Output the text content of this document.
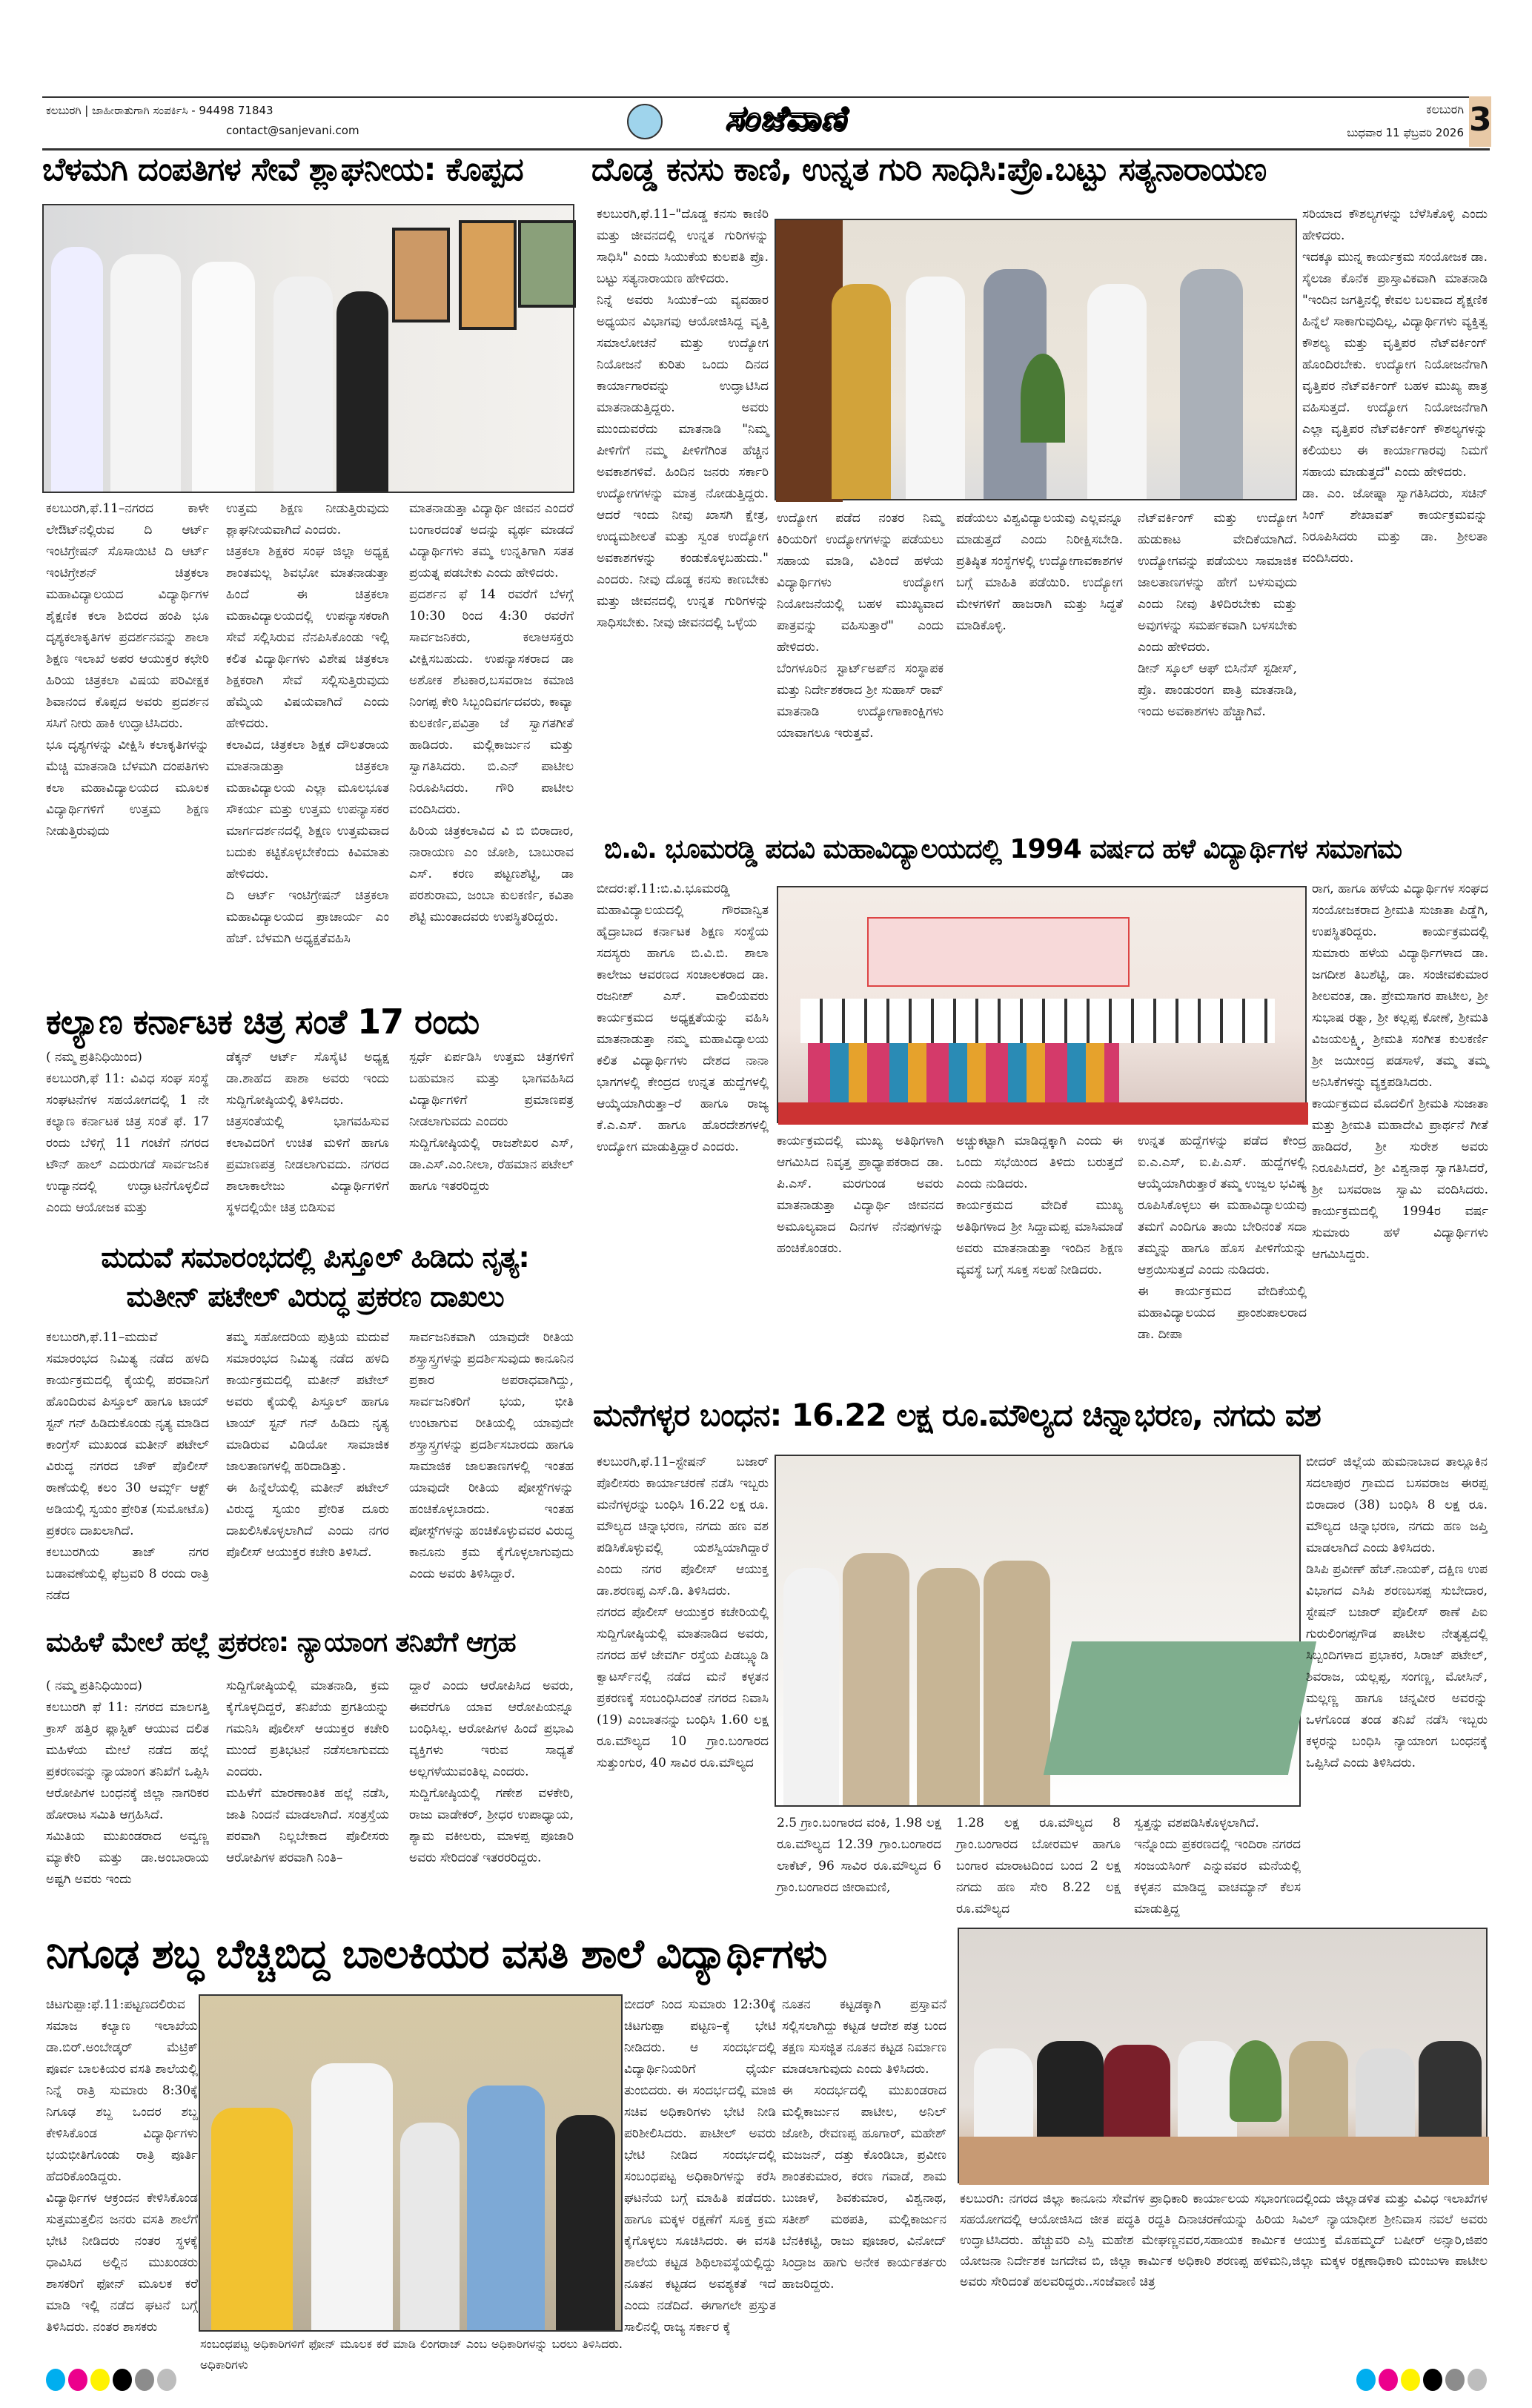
ಕಲಬುರಗಿ | ಜಾಹೀರಾತುಗಾಗಿ ಸಂಪರ್ಕಿಸಿ - 94498 71843
contact@sanjevani.com	ಸಂಜೆವಾಣಿ	ಕಲಬುರಗಿ
ಬುಧವಾರ 11 ಫೆಬ್ರವರಿ 2026 3
ಬೆಳಮಗಿ ದಂಪತಿಗಳ ಸೇವೆ ಶ್ಲಾಘನೀಯ: ಕೊಪ್ಪದ
ಕಲಬುರಗಿ,ಫೆ.11–ನಗರದ ಕಾಳೇ ಲೇಔಟ್‌ನಲ್ಲಿರುವ ದಿ ಆರ್ಟ್ ಇಂಟಿಗ್ರೇಷನ್ ಸೊಸಾಯಿಟಿ ದಿ ಆರ್ಟ್ ಇಂಟಿಗ್ರೇಶನ್ ಚಿತ್ರಕಲಾ ಮಹಾವಿದ್ಯಾಲಯದ ವಿದ್ಯಾರ್ಥಿಗಳ ಶೈಕ್ಷಣಿಕ ಕಲಾ ಶಿಬಿರದ ಹಂಪಿ ಭೂ ದೃಶ್ಯಕಲಾಕೃತಿಗಳ ಪ್ರದರ್ಶನವನ್ನು ಶಾಲಾ ಶಿಕ್ಷಣ ಇಲಾಖೆ ಅಪರ ಆಯುಕ್ತರ ಕಛೇರಿ ಹಿರಿಯ ಚಿತ್ರಕಲಾ ವಿಷಯ ಪರಿವೀಕ್ಷಕ ಶಿವಾನಂದ ಕೊಪ್ಪದ ಅವರು ಪ್ರದರ್ಶನ ಸಸಿಗೆ ನೀರು ಹಾಕಿ ಉದ್ಘಾಟಿಸಿದರು.
ಭೂ ದೃಶ್ಯಗಳನ್ನು ವೀಕ್ಷಿಸಿ ಕಲಾಕೃತಿಗಳನ್ನು ಮೆಚ್ಚಿ ಮಾತನಾಡಿ ಬೆಳಮಗಿ ದಂಪತಿಗಳು ಕಲಾ ಮಹಾವಿದ್ಯಾಲಯದ ಮೂಲಕ ವಿದ್ಯಾರ್ಥಿಗಳಿಗೆ ಉತ್ತಮ ಶಿಕ್ಷಣ ನೀಡುತ್ತಿರುವುದು
ಉತ್ತಮ ಶಿಕ್ಷಣ ನೀಡುತ್ತಿರುವುದು ಶ್ಲಾಘನೀಯವಾಗಿದೆ ಎಂದರು.
ಚಿತ್ರಕಲಾ ಶಿಕ್ಷಕರ ಸಂಘ ಜಿಲ್ಲಾ ಅಧ್ಯಕ್ಷ ಶಾಂತಮಲ್ಲ ಶಿವಭೋ ಮಾತನಾಡುತ್ತಾ ಹಿಂದೆ ಈ ಚಿತ್ರಕಲಾ ಮಹಾವಿದ್ಯಾಲಯದಲ್ಲಿ ಉಪನ್ಯಾಸಕರಾಗಿ ಸೇವೆ ಸಲ್ಲಿಸಿರುವ ನೆನಪಿಸಿಕೊಂಡು ಇಲ್ಲಿ ಕಲಿತ ವಿದ್ಯಾರ್ಥಿಗಳು ವಿಶೇಷ ಚಿತ್ರಕಲಾ ಶಿಕ್ಷಕರಾಗಿ ಸೇವೆ ಸಲ್ಲಿಸುತ್ತಿರುವುದು ಹೆಮ್ಮೆಯ ವಿಷಯವಾಗಿದೆ ಎಂದು ಹೇಳಿದರು.
ಕಲಾವಿದ, ಚಿತ್ರಕಲಾ ಶಿಕ್ಷಕ ದೌಲತರಾಯ ಮಾತನಾಡುತ್ತಾ ಚಿತ್ರಕಲಾ ಮಹಾವಿದ್ಯಾಲಯ ಎಲ್ಲಾ ಮೂಲಭೂತ ಸೌಕರ್ಯ ಮತ್ತು ಉತ್ತಮ ಉಪನ್ಯಾಸಕರ ಮಾರ್ಗದರ್ಶನದಲ್ಲಿ ಶಿಕ್ಷಣ ಉತ್ತಮವಾದ ಬದುಕು ಕಟ್ಟಿಕೊಳ್ಳಬೇಕೆಂದು ಕಿವಿಮಾತು ಹೇಳಿದರು.
ದಿ ಆರ್ಟ್ ಇಂಟಿಗ್ರೇಷನ್ ಚಿತ್ರಕಲಾ ಮಹಾವಿದ್ಯಾಲಯದ ಪ್ರಾಚಾರ್ಯ ಎಂ ಹೆಚ್. ಬೆಳಮಗಿ ಅಧ್ಯಕ್ಷತೆವಹಿಸಿ
ಮಾತನಾಡುತ್ತಾ ವಿದ್ಯಾರ್ಥಿ ಜೀವನ ಎಂದರೆ ಬಂಗಾರದಂತೆ ಅದನ್ನು ವ್ಯರ್ಥ ಮಾಡದೆ ವಿದ್ಯಾರ್ಥಿಗಳು ತಮ್ಮ ಉನ್ನತಿಗಾಗಿ ಸತತ ಪ್ರಯತ್ನ ಪಡಬೇಕು ಎಂದು ಹೇಳಿದರು.
ಪ್ರದರ್ಶನ ಫೆ 14 ರವರೆಗೆ ಬೆಳಗ್ಗೆ 10:30 ರಿಂದ 4:30 ರವರೆಗೆ ಸಾರ್ವಜನಿಕರು, ಕಲಾಆಸಕ್ತರು ವೀಕ್ಷಿಸಬಹುದು. ಉಪನ್ಯಾಸಕರಾದ ಡಾ ಅಶೋಕ ಶೆಟಕಾರ,ಬಸವರಾಜ ಕಮಾಜಿ ನಿಂಗಪ್ಪ ಕೇರಿ ಸಿಬ್ಬಂದಿವರ್ಗದವರು, ಕಾವ್ಯಾ ಕುಲಕರ್ಣಿ,ಪವಿತ್ರಾ ಜೆ ಸ್ವಾಗತಗೀತೆ ಹಾಡಿದರು. ಮಲ್ಲಿಕಾರ್ಜುನ ಮತ್ತು ಸ್ವಾಗತಿಸಿದರು. ಬಿ.ಎನ್ ಪಾಟೀಲ ನಿರೂಪಿಸಿದರು. ಗೌರಿ ಪಾಟೀಲ ವಂದಿಸಿದರು.
ಹಿರಿಯ ಚಿತ್ರಕಲಾವಿದ ವಿ ಬಿ ಬಿರಾದಾರ, ನಾರಾಯಣ ಎಂ ಜೋಶಿ, ಬಾಬುರಾವ ಎಸ್. ಕರಣ ಪಟ್ಟಣಶೆಟ್ಟಿ, ಡಾ ಪರಶುರಾಮ, ಜಂಬಾ ಕುಲಕರ್ಣಿ, ಕವಿತಾ ಶೆಟ್ಟಿ ಮುಂತಾದವರು ಉಪಸ್ಥಿತರಿದ್ದರು.
ದೊಡ್ಡ ಕನಸು ಕಾಣಿ, ಉನ್ನತ ಗುರಿ ಸಾಧಿಸಿ:ಪ್ರೊ.ಬಟ್ಟು ಸತ್ಯನಾರಾಯಣ
ಕಲಬುರಗಿ,ಫೆ.11–"ದೊಡ್ಡ ಕನಸು ಕಾಣಿರಿ ಮತ್ತು ಜೀವನದಲ್ಲಿ ಉನ್ನತ ಗುರಿಗಳನ್ನು ಸಾಧಿಸಿ" ಎಂದು ಸಿಯುಕೆಯ ಕುಲಪತಿ ಪ್ರೊ. ಬಟ್ಟು ಸತ್ಯನಾರಾಯಣ ಹೇಳಿದರು.
ನಿನ್ನೆ ಅವರು ಸಿಯುಕೆ–ಯ ವ್ಯವಹಾರ ಅಧ್ಯಯನ ವಿಭಾಗವು ಆಯೋಜಿಸಿದ್ದ ವೃತ್ತಿ ಸಮಾಲೋಚನೆ ಮತ್ತು ಉದ್ಯೋಗ ನಿಯೋಜನೆ ಕುರಿತು ಒಂದು ದಿನದ ಕಾರ್ಯಾಗಾರವನ್ನು ಉದ್ಘಾಟಿಸಿದ ಮಾತನಾಡುತ್ತಿದ್ದರು. ಅವರು ಮುಂದುವರೆದು ಮಾತನಾಡಿ "ನಿಮ್ಮ ಪೀಳಿಗೆಗೆ ನಮ್ಮ ಪೀಳಿಗೆಗಿಂತ ಹೆಚ್ಚಿನ ಅವಕಾಶಗಳಿವೆ. ಹಿಂದಿನ ಜನರು ಸರ್ಕಾರಿ ಉದ್ಯೋಗಗಳನ್ನು ಮಾತ್ರ ನೋಡುತ್ತಿದ್ದರು. ಆದರೆ ಇಂದು ನೀವು ಖಾಸಗಿ ಕ್ಷೇತ್ರ, ಉದ್ಯಮಶೀಲತೆ ಮತ್ತು ಸ್ವಂತ ಉದ್ಯೋಗ ಅವಕಾಶಗಳನ್ನು ಕಂಡುಕೊಳ್ಳಬಹುದು." ಎಂದರು. ನೀವು ದೊಡ್ಡ ಕನಸು ಕಾಣಬೇಕು ಮತ್ತು ಜೀವನದಲ್ಲಿ ಉನ್ನತ ಗುರಿಗಳನ್ನು ಸಾಧಿಸಬೇಕು. ನೀವು ಜೀವನದಲ್ಲಿ ಒಳ್ಳೆಯ
ಸರಿಯಾದ ಕೌಶಲ್ಯಗಳನ್ನು ಬೆಳೆಸಿಕೊಳ್ಳಿ ಎಂದು ಹೇಳಿದರು.
ಇದಕ್ಕೂ ಮುನ್ನ ಕಾರ್ಯಕ್ರಮ ಸಂಯೋಜಕ ಡಾ. ಸೈಲಜಾ ಕೊನೆಕ ಪ್ರಾಸ್ತಾವಿಕವಾಗಿ ಮಾತನಾಡಿ "ಇಂದಿನ ಜಗತ್ತಿನಲ್ಲಿ ಕೇವಲ ಬಲವಾದ ಶೈಕ್ಷಣಿಕ ಹಿನ್ನೆಲೆ ಸಾಕಾಗುವುದಿಲ್ಲ, ವಿದ್ಯಾರ್ಥಿಗಳು ವ್ಯಕ್ತಿತ್ವ ಕೌಶಲ್ಯ ಮತ್ತು ವೃತ್ತಿಪರ ನೆಟ್‌ವರ್ಕಿಂಗ್ ಹೊಂದಿರಬೇಕು. ಉದ್ಯೋಗ ನಿಯೋಜನೆಗಾಗಿ ವೃತ್ತಿಪರ ನೆಟ್‌ವರ್ಕಿಂಗ್ ಬಹಳ ಮುಖ್ಯ ಪಾತ್ರ ವಹಿಸುತ್ತದೆ. ಉದ್ಯೋಗ ನಿಯೋಜನೆಗಾಗಿ ಎಲ್ಲಾ ವೃತ್ತಿಪರ ನೆಟ್‌ವರ್ಕಿಂಗ್ ಕೌಶಲ್ಯಗಳನ್ನು ಕಲಿಯಲು ಈ ಕಾರ್ಯಾಗಾರವು ನಿಮಗೆ ಸಹಾಯ ಮಾಡುತ್ತದೆ" ಎಂದು ಹೇಳಿದರು.
ಡಾ. ಎಂ. ಜೋಷ್ನಾ ಸ್ವಾಗತಿಸಿದರು, ಸಚಿನ್ ಸಿಂಗ್ ಶೇಖಾವತ್ ಕಾರ್ಯಕ್ರಮವನ್ನು ನಿರೂಪಿಸಿದರು ಮತ್ತು ಡಾ. ಶ್ರೀಲತಾ ವಂದಿಸಿದರು.
ಉದ್ಯೋಗ ಪಡೆದ ನಂತರ ನಿಮ್ಮ ಕಿರಿಯರಿಗೆ ಉದ್ಯೋಗಗಳನ್ನು ಪಡೆಯಲು ಸಹಾಯ ಮಾಡಿ, ವಿಶಿಂದೆ ಹಳೆಯ ವಿದ್ಯಾರ್ಥಿಗಳು ಉದ್ಯೋಗ ನಿಯೋಜನೆಯಲ್ಲಿ ಬಹಳ ಮುಖ್ಯವಾದ ಪಾತ್ರವನ್ನು ವಹಿಸುತ್ತಾರೆ" ಎಂದು ಹೇಳಿದರು.
ಬೆಂಗಳೂರಿನ ಸ್ಟಾರ್ಟ್‌ಅಪ್‌ನ ಸಂಸ್ಥಾಪಕ ಮತ್ತು ನಿರ್ದೇಶಕರಾದ ಶ್ರೀ ಸುಹಾಸ್ ರಾವ್ ಮಾತನಾಡಿ ಉದ್ಯೋಗಾಕಾಂಕ್ಷಿಗಳು ಯಾವಾಗಲೂ ಇರುತ್ತವೆ.
ಪಡೆಯಲು ವಿಶ್ವವಿದ್ಯಾಲಯವು ಎಲ್ಲವನ್ನೂ ಮಾಡುತ್ತದೆ ಎಂದು ನಿರೀಕ್ಷಿಸಬೇಡಿ. ಪ್ರತಿಷ್ಠಿತ ಸಂಸ್ಥೆಗಳಲ್ಲಿ ಉದ್ಯೋಗಾವಕಾಶಗಳ ಬಗ್ಗೆ ಮಾಹಿತಿ ಪಡೆಯಿರಿ. ಉದ್ಯೋಗ ಮೇಳಗಳಿಗೆ ಹಾಜರಾಗಿ ಮತ್ತು ಸಿದ್ಧತೆ ಮಾಡಿಕೊಳ್ಳಿ.
ನೆಟ್‌ವರ್ಕಿಂಗ್ ಮತ್ತು ಉದ್ಯೋಗ ಹುಡುಕಾಟ ವೇದಿಕೆಯಾಗಿದೆ. ಉದ್ಯೋಗವನ್ನು ಪಡೆಯಲು ಸಾಮಾಜಿಕ ಜಾಲತಾಣಗಳನ್ನು ಹೇಗೆ ಬಳಸುವುದು ಎಂದು ನೀವು ತಿಳಿದಿರಬೇಕು ಮತ್ತು ಅವುಗಳನ್ನು ಸಮರ್ಪಕವಾಗಿ ಬಳಸಬೇಕು ಎಂದು ಹೇಳಿದರು.
ಡೀನ್ ಸ್ಕೂಲ್ ಆಫ್ ಬಿಸಿನೆಸ್ ಸ್ಟಡೀಸ್, ಪ್ರೊ. ಪಾಂಡುರಂಗ ಪಾತ್ರಿ ಮಾತನಾಡಿ, ಇಂದು ಅವಕಾಶಗಳು ಹೆಚ್ಚಾಗಿವೆ.
ಬಿ.ವಿ. ಭೂಮರಡ್ಡಿ ಪದವಿ ಮಹಾವಿದ್ಯಾಲಯದಲ್ಲಿ 1994 ವರ್ಷದ ಹಳೆ ವಿದ್ಯಾರ್ಥಿಗಳ ಸಮಾಗಮ
ಬೀದರ:ಫೆ.11:ಬಿ.ವಿ.ಭೂಮರಡ್ಡಿ ಮಹಾವಿದ್ಯಾಲಯದಲ್ಲಿ ಗೌರವಾನ್ವಿತ ಹೈದ್ರಾಬಾದ ಕರ್ನಾಟಕ ಶಿಕ್ಷಣ ಸಂಸ್ಥೆಯ ಸದಸ್ಯರು ಹಾಗೂ ಬಿ.ವಿ.ಬಿ. ಶಾಲಾ ಕಾಲೇಜು ಆವರಣದ ಸಂಚಾಲಕರಾದ ಡಾ. ರಜನೀಶ್ ಎಸ್. ವಾಲಿಯವರು ಕಾರ್ಯಕ್ರಮದ ಅಧ್ಯಕ್ಷತೆಯನ್ನು ವಹಿಸಿ ಮಾತನಾಡುತ್ತಾ ನಮ್ಮ ಮಹಾವಿದ್ಯಾಲಯ ಕಲಿತ ವಿದ್ಯಾರ್ಥಿಗಳು ದೇಶದ ನಾನಾ ಭಾಗಗಳಲ್ಲಿ ಕೇಂದ್ರದ ಉನ್ನತ ಹುದ್ದೆಗಳಲ್ಲಿ ಆಯ್ಕೆಯಾಗಿರುತ್ತಾ–ರೆ ಹಾಗೂ ರಾಜ್ಯ ಕೆ.ಎ.ಎಸ್. ಹಾಗೂ ಹೊರದೇಶಗಳಲ್ಲಿ ಉದ್ಯೋಗ ಮಾಡುತ್ತಿದ್ದಾರೆ ಎಂದರು.
ರಾಗ, ಹಾಗೂ ಹಳೆಯ ವಿದ್ಯಾರ್ಥಿಗಳ ಸಂಘದ ಸಂಯೋಜಕರಾದ ಶ್ರೀಮತಿ ಸುಜಾತಾ ಪಿಡ್ಡೆಗಿ, ಉಪಸ್ಥಿತರಿದ್ದರು. ಕಾರ್ಯಕ್ರಮದಲ್ಲಿ ಸುಮಾರು ಹಳೆಯ ವಿದ್ಯಾರ್ಥಿಗಳಾದ ಡಾ. ಜಗದೀಶ ತಿಬಶೆಟ್ಟಿ, ಡಾ. ಸಂಜೀವಕುಮಾರ ಶೀಲವಂತ, ಡಾ. ಪ್ರೇಮಸಾಗರ ಪಾಟೀಲ, ಶ್ರೀ ಸುಭಾಷ ರತ್ನಾ, ಶ್ರೀ ಕಲ್ಲಪ್ಪ ಕೋಣೆ, ಶ್ರೀಮತಿ ವಿಜಯಲಕ್ಷ್ಮಿ, ಶ್ರೀಮತಿ ಸಂಗೀತ ಕುಲಕರ್ಣಿ ಶ್ರೀ ಜಯೀಂದ್ರ ಪಡಸಾಳೆ, ತಮ್ಮ ತಮ್ಮ ಅನಿಸಿಕೆಗಳನ್ನು ವ್ಯಕ್ತಪಡಿಸಿದರು.
ಕಾರ್ಯಕ್ರಮದ ಮೊದಲಿಗೆ ಶ್ರೀಮತಿ ಸುಜಾತಾ ಮತ್ತು ಶ್ರೀಮತಿ ಮಹಾದೇವಿ ಪ್ರಾರ್ಥನೆ ಗೀತೆ ಹಾಡಿದರೆ, ಶ್ರೀ ಸುರೇಶ ಅವರು ನಿರೂಪಿಸಿದರೆ, ಶ್ರೀ ವಿಶ್ವನಾಥ ಸ್ವಾಗತಿಸಿದರೆ, ಶ್ರೀ ಬಸವರಾಜ ಸ್ವಾಮಿ ವಂದಿಸಿದರು. ಕಾರ್ಯಕ್ರಮದಲ್ಲಿ 1994ರ ವರ್ಷ ಸುಮಾರು ಹಳೆ ವಿದ್ಯಾರ್ಥಿಗಳು ಆಗಮಿಸಿದ್ದರು.
ಕಾರ್ಯಕ್ರಮದಲ್ಲಿ ಮುಖ್ಯ ಅತಿಥಿಗಳಾಗಿ ಆಗಮಿಸಿದ ನಿವೃತ್ತ ಪ್ರಾಧ್ಯಾಪಕರಾದ ಡಾ. ಪಿ.ಎಸ್. ಮರಗುಂಡ ಅವರು ಮಾತನಾಡುತ್ತಾ ವಿದ್ಯಾರ್ಥಿ ಜೀವನದ ಅಮೂಲ್ಯವಾದ ದಿನಗಳ ನೆನಪುಗಳನ್ನು ಹಂಚಿಕೊಂಡರು.
ಅಚ್ಚುಕಟ್ಟಾಗಿ ಮಾಡಿದ್ದಕ್ಕಾಗಿ ಎಂದು ಈ ಒಂದು ಸಭೆಯಿಂದ ತಿಳಿದು ಬರುತ್ತದೆ ಎಂದು ನುಡಿದರು.
ಕಾರ್ಯಕ್ರಮದ ವೇದಿಕೆ ಮುಖ್ಯ ಅತಿಥಿಗಳಾದ ಶ್ರೀ ಸಿದ್ದಾಮಪ್ಪ ಮಾಸಿಮಾಡೆ ಅವರು ಮಾತನಾಡುತ್ತಾ ಇಂದಿನ ಶಿಕ್ಷಣ ವ್ಯವಸ್ಥೆ ಬಗ್ಗೆ ಸೂಕ್ತ ಸಲಹೆ ನೀಡಿದರು.
ಉನ್ನತ ಹುದ್ದೆಗಳನ್ನು ಪಡೆದ ಕೇಂದ್ರ ಐ.ಎ.ಎಸ್, ಐ.ಪಿ.ಎಸ್. ಹುದ್ದೆಗಳಲ್ಲಿ ಆಯ್ಕೆಯಾಗಿರುತ್ತಾರೆ ತಮ್ಮ ಉಜ್ವಲ ಭವಿಷ್ಯ ರೂಪಿಸಿಕೊಳ್ಳಲು ಈ ಮಹಾವಿದ್ಯಾಲಯವು ತಮಗೆ ಎಂದಿಗೂ ತಾಯಿ ಬೇರಿನಂತೆ ಸದಾ ತಮ್ಮನ್ನು ಹಾಗೂ ಹೊಸ ಪೀಳಿಗೆಯನ್ನು ಆಶ್ರಯಿಸುತ್ತದೆ ಎಂದು ನುಡಿದರು.
ಈ ಕಾರ್ಯಕ್ರಮದ ವೇದಿಕೆಯಲ್ಲಿ ಮಹಾವಿದ್ಯಾಲಯದ ಪ್ರಾಂಶುಪಾಲರಾದ ಡಾ. ದೀಪಾ
ಕಲ್ಯಾಣ ಕರ್ನಾಟಕ ಚಿತ್ರ ಸಂತೆ 17 ರಂದು
( ನಮ್ಮ ಪ್ರತಿನಿಧಿಯಿಂದ)
ಕಲಬುರಗಿ,ಫೆ 11: ವಿವಿಧ ಸಂಘ ಸಂಸ್ಥೆ ಸಂಘಟನೆಗಳ ಸಹಯೋಗದಲ್ಲಿ 1 ನೇ ಕಲ್ಯಾಣ ಕರ್ನಾಟಕ ಚಿತ್ರ ಸಂತೆ ಫೆ. 17 ರಂದು ಬೆಳಿಗ್ಗೆ 11 ಗಂಟೆಗೆ ನಗರದ ಟೌನ್ ಹಾಲ್ ಎದುರುಗಡೆ ಸಾರ್ವಜನಿಕ ಉದ್ಯಾನದಲ್ಲಿ ಉದ್ಘಾಟನೆಗೊಳ್ಳಲಿದೆ ಎಂದು ಆಯೋಜಕ ಮತ್ತು
ಡೆಕ್ಕನ್ ಆರ್ಟ್ ಸೊಸೈಟಿ ಅಧ್ಯಕ್ಷ ಡಾ.ಶಾಹೆದ ಪಾಶಾ ಅವರು ಇಂದು ಸುದ್ದಿಗೋಷ್ಠಿಯಲ್ಲಿ ತಿಳಿಸಿದರು.
ಚಿತ್ರಸಂತೆಯಲ್ಲಿ ಭಾಗವಹಿಸುವ ಕಲಾವಿದರಿಗೆ ಉಚಿತ ಮಳಿಗೆ ಹಾಗೂ ಪ್ರಮಾಣಪತ್ರ ನೀಡಲಾಗುವದು. ನಗರದ ಶಾಲಾಕಾಲೇಜು ವಿದ್ಯಾರ್ಥಿಗಳಿಗೆ ಸ್ಥಳದಲ್ಲಿಯೇ ಚಿತ್ರ ಬಿಡಿಸುವ
ಸ್ಪರ್ಧೆ ಏರ್ಪಡಿಸಿ ಉತ್ತಮ ಚಿತ್ರಗಳಿಗೆ ಬಹುಮಾನ ಮತ್ತು ಭಾಗವಹಿಸಿದ ವಿದ್ಯಾರ್ಥಿಗಳಿಗೆ ಪ್ರಮಾಣಪತ್ರ ನೀಡಲಾಗುವದು ಎಂದರು
ಸುದ್ದಿಗೋಷ್ಠಿಯಲ್ಲಿ ರಾಜಶೇಖರ ಎಸ್, ಡಾ.ಎಸ್.ಎಂ.ನೀಲಾ, ರೆಹಮಾನ ಪಟೇಲ್ ಹಾಗೂ ಇತರರಿದ್ದರು
ಮದುವೆ ಸಮಾರಂಭದಲ್ಲಿ ಪಿಸ್ತೂಲ್ ಹಿಡಿದು ನೃತ್ಯ:
ಮತೀನ್ ಪಟೇಲ್ ವಿರುದ್ಧ ಪ್ರಕರಣ ದಾಖಲು
ಕಲಬುರಗಿ,ಫೆ.11–ಮದುವೆ ಸಮಾರಂಭದ ನಿಮಿತ್ಯ ನಡೆದ ಹಳದಿ ಕಾರ್ಯಕ್ರಮದಲ್ಲಿ ಕೈಯಲ್ಲಿ ಪರವಾನಿಗೆ ಹೊಂದಿರುವ ಪಿಸ್ತೂಲ್ ಹಾಗೂ ಟಾಯ್ ಸ್ಟನ್ ಗನ್ ಹಿಡಿದುಕೊಂಡು ನೃತ್ಯ ಮಾಡಿದ ಕಾಂಗ್ರೆಸ್ ಮುಖಂಡ ಮತೀನ್ ಪಟೇಲ್ ವಿರುದ್ಧ ನಗರದ ಚೌಕ್ ಪೊಲೀಸ್ ಠಾಣೆಯಲ್ಲಿ ಕಲಂ 30 ಆರ್ಮ್ಸ್ ಆಕ್ಟ್ ಅಡಿಯಲ್ಲಿ ಸ್ವಯಂ ಪ್ರೇರಿತ (ಸುಮೋಟೊ) ಪ್ರಕರಣ ದಾಖಲಾಗಿದೆ.
ಕಲಬುರಗಿಯ ತಾಜ್ ನಗರ ಬಡಾವಣೆಯಲ್ಲಿ ಫೆಬ್ರವರಿ 8 ರಂದು ರಾತ್ರಿ ನಡೆದ
ತಮ್ಮ ಸಹೋದರಿಯ ಪುತ್ರಿಯ ಮದುವೆ ಸಮಾರಂಭದ ನಿಮಿತ್ಯ ನಡೆದ ಹಳದಿ ಕಾರ್ಯಕ್ರಮದಲ್ಲಿ ಮತೀನ್ ಪಟೇಲ್ ಅವರು ಕೈಯಲ್ಲಿ ಪಿಸ್ತೂಲ್ ಹಾಗೂ ಟಾಯ್ ಸ್ಟನ್ ಗನ್ ಹಿಡಿದು ನೃತ್ಯ ಮಾಡಿರುವ ವಿಡಿಯೋ ಸಾಮಾಜಿಕ ಜಾಲತಾಣಗಳಲ್ಲಿ ಹರಿದಾಡಿತ್ತು.
ಈ ಹಿನ್ನೆಲೆಯಲ್ಲಿ ಮತೀನ್ ಪಟೇಲ್ ವಿರುದ್ಧ ಸ್ವಯಂ ಪ್ರೇರಿತ ದೂರು ದಾಖಲಿಸಿಕೊಳ್ಳಲಾಗಿದೆ ಎಂದು ನಗರ ಪೊಲೀಸ್ ಆಯುಕ್ತರ ಕಚೇರಿ ತಿಳಿಸಿದೆ.
ಸಾರ್ವಜನಿಕವಾಗಿ ಯಾವುದೇ ರೀತಿಯ ಶಸ್ತ್ರಾಸ್ತ್ರಗಳನ್ನು ಪ್ರದರ್ಶಿಸುವುದು ಕಾನೂನಿನ ಪ್ರಕಾರ ಅಪರಾಧವಾಗಿದ್ದು, ಸಾರ್ವಜನಿಕರಿಗೆ ಭಯ, ಭೀತಿ ಉಂಟಾಗುವ ರೀತಿಯಲ್ಲಿ ಯಾವುದೇ ಶಸ್ತ್ರಾಸ್ತ್ರಗಳನ್ನು ಪ್ರದರ್ಶಿಸಬಾರದು ಹಾಗೂ ಸಾಮಾಜಿಕ ಜಾಲತಾಣಗಳಲ್ಲಿ ಇಂತಹ ಯಾವುದೇ ರೀತಿಯ ಪೋಸ್ಟ್‌ಗಳನ್ನು ಹಂಚಿಕೊಳ್ಳಬಾರದು. ಇಂತಹ ಪೋಸ್ಟ್‌ಗಳನ್ನು ಹಂಚಿಕೊಳ್ಳುವವರ ವಿರುದ್ಧ ಕಾನೂನು ಕ್ರಮ ಕೈಗೊಳ್ಳಲಾಗುವುದು ಎಂದು ಅವರು ತಿಳಿಸಿದ್ದಾರೆ.
ಮಹಿಳೆ ಮೇಲೆ ಹಲ್ಲೆ ಪ್ರಕರಣ: ನ್ಯಾಯಾಂಗ ತನಿಖೆಗೆ ಆಗ್ರಹ
( ನಮ್ಮ ಪ್ರತಿನಿಧಿಯಿಂದ)
ಕಲಬುರಗಿ ಫೆ 11: ನಗರದ ಮಾಲಗತ್ತಿ ಕ್ರಾಸ್ ಹತ್ತಿರ ಪ್ಲಾಸ್ಟಿಕ್ ಆಯುವ ದಲಿತ ಮಹಿಳೆಯ ಮೇಲೆ ನಡೆದ ಹಲ್ಲೆ ಪ್ರಕರಣವನ್ನು ನ್ಯಾಯಾಂಗ ತನಿಖೆಗೆ ಒಪ್ಪಿಸಿ ಆರೋಪಿಗಳ ಬಂಧನಕ್ಕೆ ಜಿಲ್ಲಾ ನಾಗರಿಕರ ಹೋರಾಟ ಸಮಿತಿ ಆಗ್ರಹಿಸಿದೆ.
ಸಮಿತಿಯ ಮುಖಂಡರಾದ ಅವ್ವಣ್ಣ ಮ್ಯಾಕೇರಿ ಮತ್ತು ಡಾ.ಅಂಬಾರಾಯ ಅಷ್ಟಗಿ ಅವರು ಇಂದು
ಸುದ್ದಿಗೋಷ್ಠಿಯಲ್ಲಿ ಮಾತನಾಡಿ, ಕ್ರಮ ಕೈಗೊಳ್ಳದಿದ್ದರೆ, ತನಿಖೆಯ ಪ್ರಗತಿಯನ್ನು ಗಮನಿಸಿ ಪೊಲೀಸ್ ಆಯುಕ್ತರ ಕಚೇರಿ ಮುಂದೆ ಪ್ರತಿಭಟನೆ ನಡೆಸಲಾಗುವದು ಎಂದರು.
ಮಹಿಳೆಗೆ ಮಾರಣಾಂತಿಕ ಹಲ್ಲೆ ನಡೆಸಿ, ಜಾತಿ ನಿಂದನೆ ಮಾಡಲಾಗಿದೆ. ಸಂತ್ರಸ್ತೆಯ ಪರವಾಗಿ ನಿಲ್ಲಬೇಕಾದ ಪೊಲೀಸರು ಆರೋಪಿಗಳ ಪರವಾಗಿ ನಿಂತಿ–
ದ್ದಾರೆ ಎಂದು ಆರೋಪಿಸಿದ ಅವರು, ಈವರೆಗೂ ಯಾವ ಆರೋಪಿಯನ್ನೂ ಬಂಧಿಸಿಲ್ಲ. ಆರೋಪಿಗಳ ಹಿಂದೆ ಪ್ರಭಾವಿ ವ್ಯಕ್ತಿಗಳು ಇರುವ ಸಾಧ್ಯತೆ ಅಲ್ಲಗಳೆಯುವಂತಿಲ್ಲ ಎಂದರು.
ಸುದ್ದಿಗೋಷ್ಠಿಯಲ್ಲಿ ಗಣೇಶ ವಳಕೇರಿ, ರಾಜು ವಾಡೇಕರ್, ಶ್ರೀಧರ ಉಪಾಧ್ಯಾಯ, ಶ್ಯಾಮ ವಕೀಲರು, ಮಾಳಪ್ಪ ಪೂಜಾರಿ ಅವರು ಸೇರಿದಂತೆ ಇತರರರಿದ್ದರು.
ಮನೆಗಳ್ಳರ ಬಂಧನ: 16.22 ಲಕ್ಷ ರೂ.ಮೌಲ್ಯದ ಚಿನ್ನಾಭರಣ, ನಗದು ವಶ
ಕಲಬುರಗಿ,ಫೆ.11–ಸ್ಟೇಷನ್ ಬಜಾರ್ ಪೊಲೀಸರು ಕಾರ್ಯಾಚರಣೆ ನಡೆಸಿ ಇಬ್ಬರು ಮನೆಗಳ್ಳರನ್ನು ಬಂಧಿಸಿ 16.22 ಲಕ್ಷ ರೂ. ಮೌಲ್ಯದ ಚಿನ್ನಾಭರಣ, ನಗದು ಹಣ ವಶ ಪಡಿಸಿಕೊಳ್ಳುವಲ್ಲಿ ಯಶಸ್ವಿಯಾಗಿದ್ದಾರೆ ಎಂದು ನಗರ ಪೊಲೀಸ್ ಆಯುಕ್ತ ಡಾ.ಶರಣಪ್ಪ ಎಸ್.ಡಿ. ತಿಳಿಸಿದರು.
ನಗರದ ಪೊಲೀಸ್ ಆಯುಕ್ತರ ಕಚೇರಿಯಲ್ಲಿ ಸುದ್ದಿಗೋಷ್ಠಿಯಲ್ಲಿ ಮಾತನಾಡಿದ ಅವರು, ನಗರದ ಹಳೆ ಜೇವರ್ಗಿ ರಸ್ತೆಯ ಪಿಡಬ್ಲ್ಯೂಡಿ ಕ್ವಾಟರ್ಸ್‌ನಲ್ಲಿ ನಡೆದ ಮನೆ ಕಳ್ಳತನ ಪ್ರಕರಣಕ್ಕೆ ಸಂಬಂಧಿಸಿದಂತೆ ನಗರದ ನಿವಾಸಿ (19) ಎಂಬಾತನನ್ನು ಬಂಧಿಸಿ 1.60 ಲಕ್ಷ ರೂ.ಮೌಲ್ಯದ 10 ಗ್ರಾಂ.ಬಂಗಾರದ ಸುತ್ತುಂಗುರ, 40 ಸಾವಿರ ರೂ.ಮೌಲ್ಯದ
ಬೀದರ್ ಜಿಲ್ಲೆಯ ಹುಮನಾಬಾದ ತಾಲ್ಲೂಕಿನ ಸದಲಾಪುರ ಗ್ರಾಮದ ಬಸವರಾಜ ಈರಪ್ಪ ಬಿರಾದಾರ (38) ಬಂಧಿಸಿ 8 ಲಕ್ಷ ರೂ. ಮೌಲ್ಯದ ಚಿನ್ನಾಭರಣ, ನಗದು ಹಣ ಜಪ್ತಿ ಮಾಡಲಾಗಿದೆ ಎಂದು ತಿಳಿಸಿದರು.
ಡಿಸಿಪಿ ಪ್ರವೀಣ್ ಹೆಚ್.ನಾಯಕ್, ದಕ್ಷಿಣ ಉಪ ವಿಭಾಗದ ಎಸಿಪಿ ಶರಣಬಸಪ್ಪ ಸುಬೇದಾರ, ಸ್ಟೇಷನ್ ಬಜಾರ್ ಪೊಲೀಸ್ ಠಾಣೆ ಪಿಐ ಗುರುಲಿಂಗಪ್ಪಗೌಡ ಪಾಟೀಲ ನೇತೃತ್ವದಲ್ಲಿ ಸಿಬ್ಬಂದಿಗಳಾದ ಪ್ರಭಾಕರ, ಸಿರಾಜ್ ಪಟೇಲ್, ಶಿವರಾಜ, ಯಲ್ಲಪ್ಪ, ಸಂಗಣ್ಣ, ಮೋಸಿನ್, ಮಲ್ಲಣ್ಣ ಹಾಗೂ ಚನ್ನವೀರ ಅವರನ್ನು ಒಳಗೊಂಡ ತಂಡ ತನಿಖೆ ನಡೆಸಿ ಇಬ್ಬರು ಕಳ್ಳರನ್ನು ಬಂಧಿಸಿ ನ್ಯಾಯಾಂಗ ಬಂಧನಕ್ಕೆ ಒಪ್ಪಿಸಿದೆ ಎಂದು ತಿಳಿಸಿದರು.
2.5 ಗ್ರಾಂ.ಬಂಗಾರದ ವಂಕಿ, 1.98 ಲಕ್ಷ ರೂ.ಮೌಲ್ಯದ 12.39 ಗ್ರಾಂ.ಬಂಗಾರದ ಲಾಕೆಟ್, 96 ಸಾವಿರ ರೂ.ಮೌಲ್ಯದ 6 ಗ್ರಾಂ.ಬಂಗಾರದ ಜೀರಾಮಣಿ,
1.28 ಲಕ್ಷ ರೂ.ಮೌಲ್ಯದ 8 ಗ್ರಾಂ.ಬಂಗಾರದ ಬೋರಮಳ ಹಾಗೂ ಬಂಗಾರ ಮಾರಾಟದಿಂದ ಬಂದ 2 ಲಕ್ಷ ನಗದು ಹಣ ಸೇರಿ 8.22 ಲಕ್ಷ ರೂ.ಮೌಲ್ಯದ
ಸ್ವತ್ತನ್ನು ವಶಪಡಿಸಿಕೊಳ್ಳಲಾಗಿದೆ.
ಇನ್ನೊಂದು ಪ್ರಕರಣದಲ್ಲಿ ಇಂದಿರಾ ನಗರದ ಸಂಜಯಸಿಂಗ್ ಎನ್ನುವವರ ಮನೆಯಲ್ಲಿ ಕಳ್ಳತನ ಮಾಡಿದ್ದ ವಾಚಮ್ಯಾನ್ ಕೆಲಸ ಮಾಡುತ್ತಿದ್ದ
ನಿಗೂಢ ಶಬ್ಧ ಬೆಚ್ಚಿಬಿದ್ದ ಬಾಲಕಿಯರ ವಸತಿ ಶಾಲೆ ವಿದ್ಯಾರ್ಥಿಗಳು
ಚಿಟಗುಪ್ಪಾ:ಫೆ.11:ಪಟ್ಟಣದಲಿರುವ ಸಮಾಜ ಕಲ್ಯಾಣ ಇಲಾಖೆಯ ಡಾ.ಬಿರ್.ಅಂಬೇಡ್ಕರ್ ಮೆಟ್ರಿಕ್ ಪೂರ್ವ ಬಾಲಕಿಯರ ವಸತಿ ಶಾಲೆಯಲ್ಲಿ ನಿನ್ನೆ ರಾತ್ರಿ ಸುಮಾರು 8:30ಕ್ಕೆ ನಿಗೂಢ ಶಬ್ದ ಒಂದರ ಶಬ್ದ ಕೇಳಿಸಿಕೊಂಡ ವಿದ್ಯಾರ್ಥಿಗಳು ಭಯಭೀತಿಗೊಂಡು ರಾತ್ರಿ ಪೂರ್ತಿ ಹೆದರಿಕೊಂಡಿದ್ದರು.
ವಿದ್ಯಾರ್ಥಿಗಳ ಆಕ್ರಂದನ ಕೇಳಿಸಿಕೊಂಡ ಸುತ್ತಮುತ್ತಲಿನ ಜನರು ವಸತಿ ಶಾಲೆಗೆ ಭೇಟಿ ನೀಡಿದರು ನಂತರ ಸ್ಥಳಕ್ಕೆ ಧಾವಿಸಿದ ಅಲ್ಲಿನ ಮುಖಂಡರು ಶಾಸಕರಿಗೆ ಫೋನ್ ಮೂಲಕ ಕರೆ ಮಾಡಿ ಇಲ್ಲಿ ನಡೆದ ಘಟನೆ ಬಗ್ಗೆ ತಿಳಿಸಿದರು. ನಂತರ ಶಾಸಕರು
ಸಂಬಂಧಪಟ್ಟ ಅಧಿಕಾರಿಗಳಿಗೆ ಫೋನ್ ಮೂಲಕ ಕರೆ ಮಾಡಿ ಲಿಂಗರಾಜ್ ಎಂಬ ಅಧಿಕಾರಿಗಳನ್ನು ಬರಲು ತಿಳಿಸಿದರು. ಅಧಿಕಾರಿಗಳು
ಬೀದರ್ ನಿಂದ ಸುಮಾರು 12:30ಕ್ಕೆ ಚಿಟಗುಪ್ಪಾ ಪಟ್ಟಣ–ಕ್ಕೆ ಭೇಟಿ ನೀಡಿದರು. ಆ ಸಂದರ್ಭದಲ್ಲಿ ವಿದ್ಯಾರ್ಥಿನಿಯರಿಗೆ ಧೈರ್ಯ ತುಂಬಿದರು. ಈ ಸಂದರ್ಭದಲ್ಲಿ ಮಾಜಿ ಸಚಿವ ಅಧಿಕಾರಿಗಳು ಭೇಟಿ ನೀಡಿ ಪರಿಶೀಲಿಸಿದರು. ಪಾಟೀಲ್ ಅವರು ಭೇಟಿ ನೀಡಿದ ಸಂದರ್ಭದಲ್ಲಿ ಸಂಬಂಧಪಟ್ಟ ಅಧಿಕಾರಿಗಳನ್ನು ಕರೆಸಿ ಘಟನೆಯ ಬಗ್ಗೆ ಮಾಹಿತಿ ಪಡೆದರು. ಹಾಗೂ ಮಕ್ಕಳ ರಕ್ಷಣೆಗೆ ಸೂಕ್ತ ಕ್ರಮ ಕೈಗೊಳ್ಳಲು ಸೂಚಿಸಿದರು. ಈ ವಸತಿ ಶಾಲೆಯ ಕಟ್ಟಡ ಶಿಥಿಲಾವಸ್ಥೆಯಲ್ಲಿದ್ದು ನೂತನ ಕಟ್ಟಡದ ಅವಶ್ಯಕತೆ ಇದೆ ಎಂದು ನಡೆದಿದೆ. ಈಗಾಗಲೇ ಪ್ರಸ್ತುತ ಸಾಲಿನಲ್ಲಿ ರಾಜ್ಯ ಸರ್ಕಾರ ಕ್ಕೆ
ನೂತನ ಕಟ್ಟಡಕ್ಕಾಗಿ ಪ್ರಸ್ತಾವನೆ ಸಲ್ಲಿಸಲಾಗಿದ್ದು ಕಟ್ಟಡ ಆದೇಶ ಪತ್ರ ಬಂದ ತಕ್ಷಣ ಸುಸಜ್ಜಿತ ನೂತನ ಕಟ್ಟಡ ನಿರ್ಮಾಣ ಮಾಡಲಾಗುವುದು ಎಂದು ತಿಳಿಸಿದರು.
ಈ ಸಂದರ್ಭದಲ್ಲಿ ಮುಖಂಡರಾದ ಮಲ್ಲಿಕಾರ್ಜುನ ಪಾಟೀಲ, ಅನಿಲ್ ಜೋಶಿ, ರೇವಣಪ್ಪ ಹೂಗಾರ್, ಮಹೇಶ್ ಮಜಜನ್, ದತ್ತು ಕೊಂಡಿಬಾ, ಪ್ರವೀಣ ಶಾಂತಕುಮಾರ, ಕರಣ ಗವಾಡೆ, ಶಾಮ ಬುಜಾಳೆ, ಶಿವಕುಮಾರ, ವಿಶ್ವನಾಥ, ಸತೀಶ್ ಮಠಪತಿ, ಮಲ್ಲಿಕಾರ್ಜುನ ಬೆನಕಿಕಟ್ಟಿ, ರಾಜು ಪೂಜಾರ, ವಿನೋದ್ ಸಿಂದ್ರಾಜ ಹಾಗು ಅನೇಕ ಕಾರ್ಯಕರ್ತರು ಹಾಜರಿದ್ದರು.
ಕಲಬುರಗಿ: ನಗರದ ಜಿಲ್ಲಾ ಕಾನೂನು ಸೇವೆಗಳ ಪ್ರಾಧಿಕಾರಿ ಕಾರ್ಯಾಲಯ ಸಭಾಂಗಣದಲ್ಲಿಂದು ಜಿಲ್ಲಾಡಳಿತ ಮತ್ತು ವಿವಿಧ ಇಲಾಖೆಗಳ ಸಹಯೋಗದಲ್ಲಿ ಆಯೋಜಿಸಿದ ಜೀತ ಪದ್ಧತಿ ರದ್ದತಿ ದಿನಾಚರಣೆಯನ್ನು ಹಿರಿಯ ಸಿವಿಲ್ ನ್ಯಾಯಾಧೀಶ ಶ್ರೀನಿವಾಸ ನವಲೆ ಅವರು ಉದ್ಘಾಟಿಸಿದರು. ಹೆಚ್ಚುವರಿ ಎಸ್ಪಿ ಮಹೇಶ ಮೇಘಣ್ಣನವರ,ಸಹಾಯಕ ಕಾರ್ಮಿಕ ಆಯುಕ್ತ ಮೊಹಮ್ಮದ್ ಬಷೀರ್ ಅನ್ಸಾರಿ,ಜಿಪಂ ಯೋಜನಾ ನಿರ್ದೇಶಕ ಜಗದೇವ ಬಿ, ಜಿಲ್ಲಾ ಕಾರ್ಮಿಕ ಅಧಿಕಾರಿ ಶರಣಪ್ಪ ಹಳಿಮನಿ,ಜಿಲ್ಲಾ ಮಕ್ಕಳ ರಕ್ಷಣಾಧಿಕಾರಿ ಮಂಜುಳಾ ಪಾಟೀಲ ಅವರು ಸೇರಿದಂತೆ ಹಲವರಿದ್ದರು..ಸಂಜೆವಾಣಿ ಚಿತ್ರ
